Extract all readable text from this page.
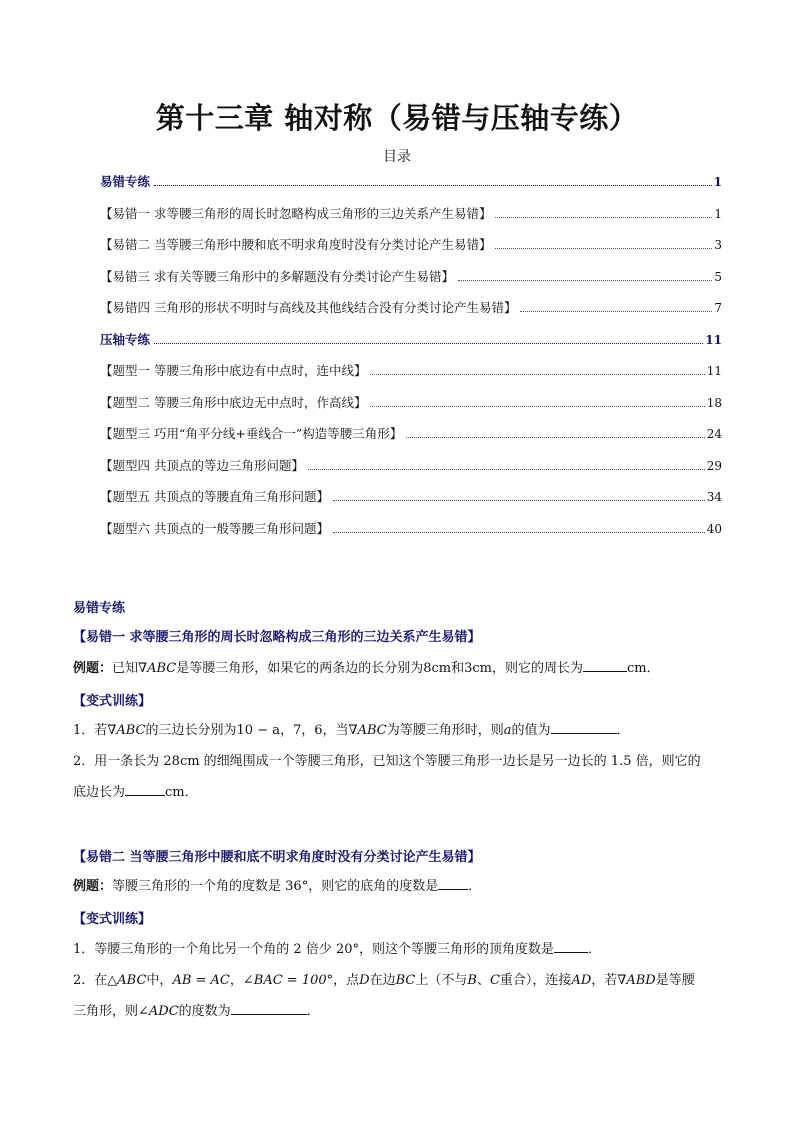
第十三章 轴对称（易错与压轴专练）
目录
易错专练	1
【易错一 求等腰三角形的周长时忽略构成三角形的三边关系产生易错】	1
【易错二 当等腰三角形中腰和底不明求角度时没有分类讨论产生易错】	3
【易错三 求有关等腰三角形中的多解题没有分类讨论产生易错】	5
【易错四 三角形的形状不明时与高线及其他线结合没有分类讨论产生易错】	7
压轴专练	11
【题型一 等腰三角形中底边有中点时，连中线】	11
【题型二 等腰三角形中底边无中点时，作高线】	18
【题型三 巧用“角平分线+垂线合一”构造等腰三角形】	24
【题型四 共顶点的等边三角形问题】	29
【题型五 共顶点的等腰直角三角形问题】	34
【题型六 共顶点的一般等腰三角形问题】	40
易错专练
【易错一 求等腰三角形的周长时忽略构成三角形的三边关系产生易错】
例题：已知∇ABC是等腰三角形，如果它的两条边的长分别为8cm和3cm，则它的周长为	cm．
【变式训练】
1．若∇ABC的三边长分别为10 − a，7，6，当∇ABC为等腰三角形时，则a的值为	．
2．用一条长为 28cm 的细绳围成一个等腰三角形，已知这个等腰三角形一边长是另一边长的 1.5 倍，则它的
底边长为	cm．
【易错二 当等腰三角形中腰和底不明求角度时没有分类讨论产生易错】
例题：等腰三角形的一个角的度数是 36°，则它的底角的度数是 ．
【变式训练】
1．等腰三角形的一个角比另一个角的 2 倍少 20°，则这个等腰三角形的顶角度数是	．
2．在△ABC中，AB = AC，∠BAC = 100°，点D在边BC上（不与B、C重合），连接AD，若∇ABD是等腰
三角形，则∠ADC的度数为	．
